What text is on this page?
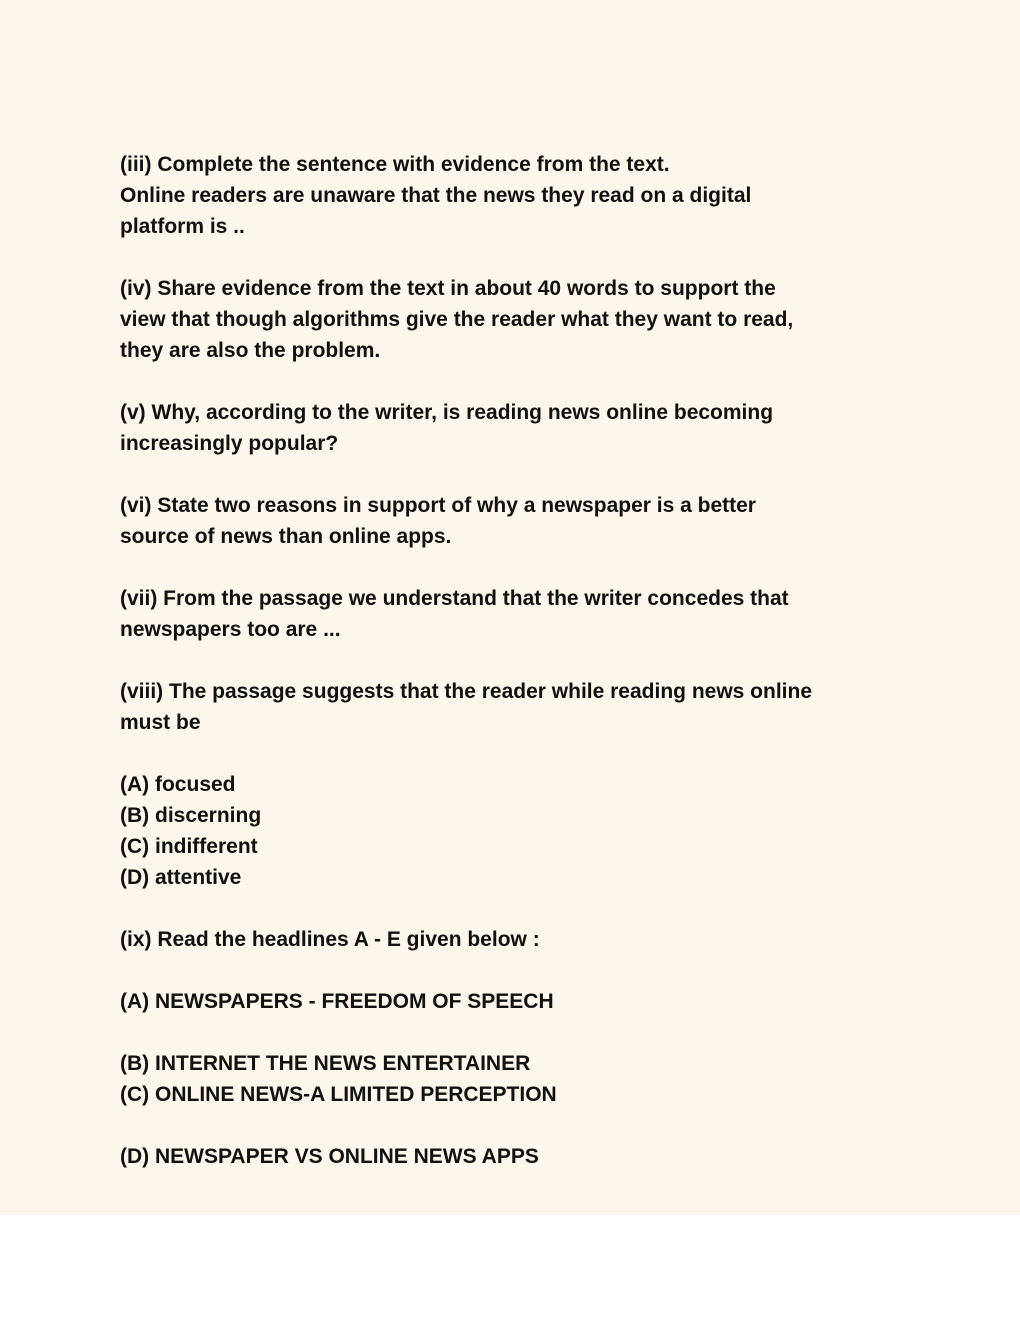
(iii) Complete the sentence with evidence from the text.
Online readers are unaware that the news they read on a digital
platform is ..
(iv) Share evidence from the text in about 40 words to support the
view that though algorithms give the reader what they want to read,
they are also the problem.
(v) Why, according to the writer, is reading news online becoming
increasingly popular?
(vi) State two reasons in support of why a newspaper is a better
source of news than online apps.
(vii) From the passage we understand that the writer concedes that
newspapers too are ...
(viii) The passage suggests that the reader while reading news online
must be
(A) focused
(B) discerning
(C) indifferent
(D) attentive
(ix) Read the headlines A - E given below :
(A) NEWSPAPERS - FREEDOM OF SPEECH
(B) INTERNET THE NEWS ENTERTAINER
(C) ONLINE NEWS-A LIMITED PERCEPTION
(D) NEWSPAPER VS ONLINE NEWS APPS
